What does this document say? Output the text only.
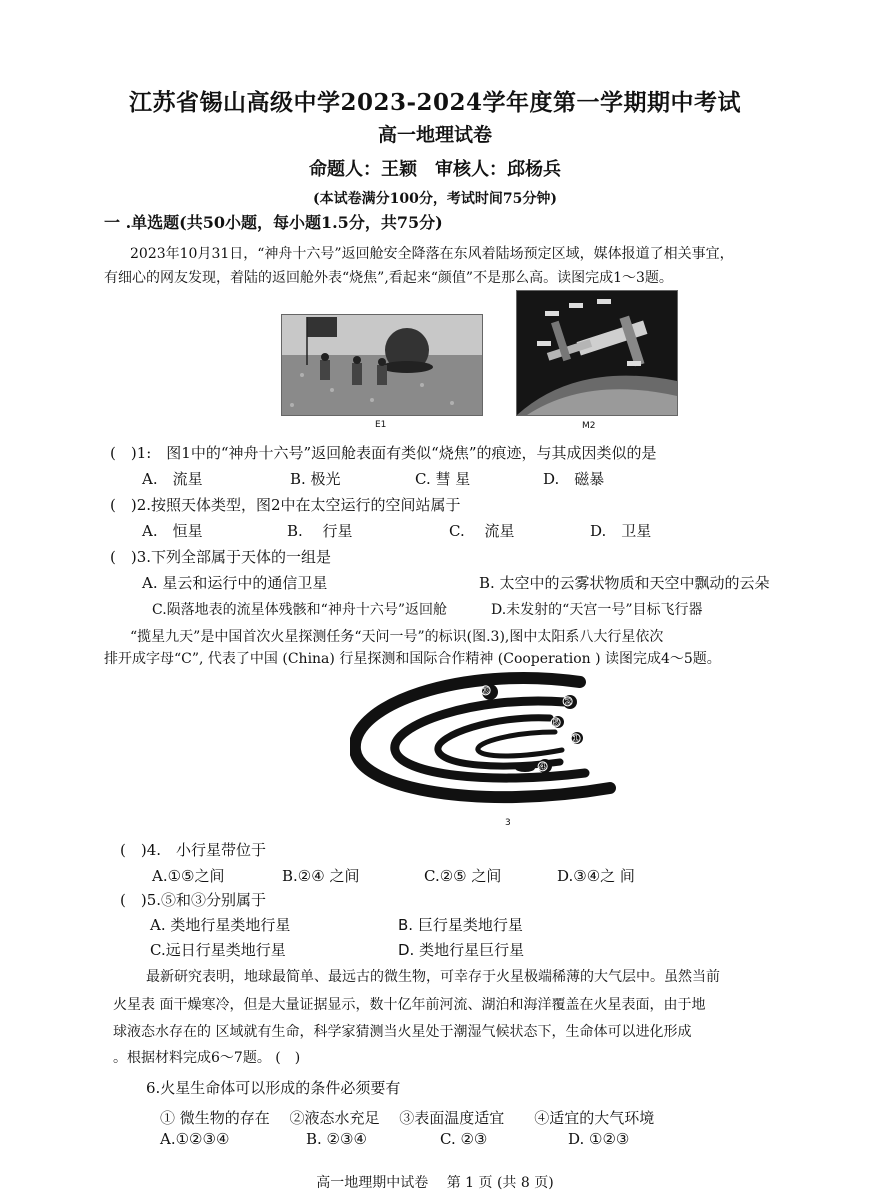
江苏省锡山高级中学2023-2024学年度第一学期期中考试
高一地理试卷
命题人：王颖　审核人：邱杨兵
(本试卷满分100分，考试时间75分钟)
一 .单选题(共50小题，每小题1.5分，共75分)
2023年10月31日，“神舟十六号”返回舱安全降落在东风着陆场预定区域，媒体报道了相关事宜，
有细心的网友发现，着陆的返回舱外表“烧焦”,看起来“颜值”不是那么高。读图完成1～3题。
E1	M2
(　)1:　图1中的“神舟十六号”返回舱表面有类似“烧焦”的痕迹，与其成因类似的是
A.　流星	B. 极光	C. 彗 星	D.　磁暴
(　)2.按照天体类型，图2中在太空运行的空间站属于
A.　恒星	B.　 行星	C.　 流星	D.　卫星
(　)3.下列全部属于天体的一组是
A. 星云和运行中的通信卫星	B. 太空中的云雾状物质和天空中飘动的云朵
C.陨落地表的流星体残骸和“神舟十六号”返回舱	D.未发射的“天宫一号”目标飞行器
“揽星九天”是中国首次火星探测任务“天问一号”的标识(图.3),图中太阳系八大行星依次
排开成字母“C”, 代表了中国 (China) 行星探测和国际合作精神 (Cooperation ) 读图完成4～5题。
③
②
⑤
①
④
3
(　)4.　小行星带位于
A.①⑤之间	B.②④ 之间	C.②⑤ 之间	D.③④之 间
(　)5.⑤和③分别属于
A. 类地行星类地行星	B. 巨行星类地行星
C.远日行星类地行星	D. 类地行星巨行星
最新研究表明，地球最简单、最远古的微生物，可幸存于火星极端稀薄的大气层中。虽然当前
火星表 面干燥寒冷，但是大量证据显示，数十亿年前河流、湖泊和海洋覆盖在火星表面，由于地
球液态水存在的 区域就有生命，科学家猜测当火星处于潮湿气候状态下，生命体可以进化形成
。根据材料完成6～7题。 (　)
6.火星生命体可以形成的条件必须要有
① 微生物的存在　 ②液态水充足　 ③表面温度适宜　　④适宜的大气环境
A.①②③④	B. ②③④	C. ②③	D. ①②③
高一地理期中试卷　 第 1 页 (共 8 页)
